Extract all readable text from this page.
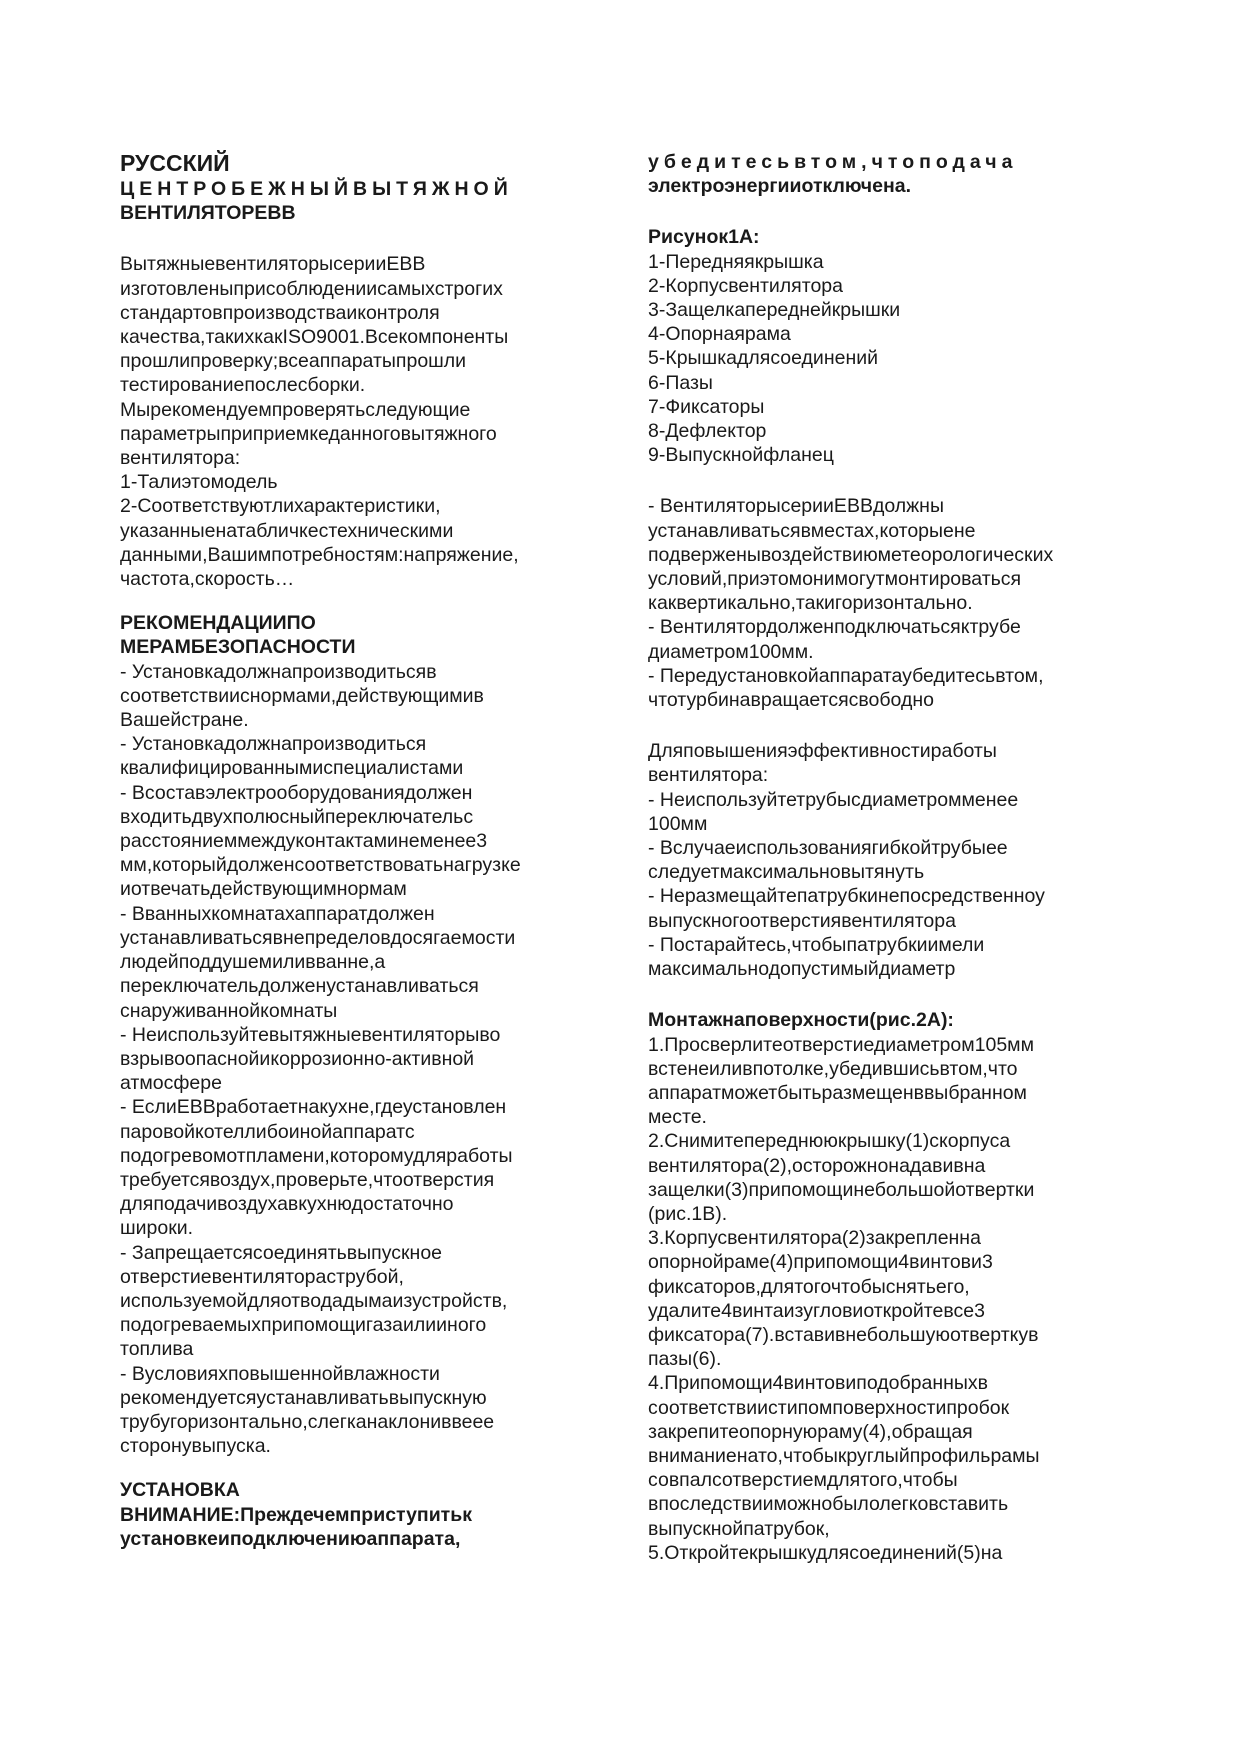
РУССКИЙ
ЦЕНТРОБЕЖНЫЙВЫТЯЖНОЙ
ВЕНТИЛЯТОРЕВВ
ВытяжныевентиляторысерииEBB
изготовленыприсоблюдениисамыхстрогих
стандартовпроизводстваиконтроля
качества,такихкакISO9001.Всекомпоненты
прошлипроверку;всеаппаратыпрошли
тестированиепослесборки.
Мырекомендуемпроверятьследующие
параметрыприприемкеданноговытяжного
вентилятора:
1-Талиэтомодель
2-Соответствуютлихарактеристики,
указанныенатабличкестехническими
данными,Вашимпотребностям:напряжение,
частота,скорость…
РЕКОМЕНДАЦИИПО
МЕРАМБЕЗОПАСНОСТИ
- Установкадолжнапроизводитьсяв
соответствииснормами,действующимив
Вашейстране.
- Установкадолжнапроизводиться
квалифицированнымиспециалистами
- Всоставэлектрооборудованиядолжен
входитьдвухполюсныйпереключательс
расстояниеммеждуконтактаминеменее3
мм,которыйдолженсоответствоватьнагрузке
иотвечатьдействующимнормам
- Вванныхкомнатахаппаратдолжен
устанавливатьсявнепределовдосягаемости
людейподдушемиливванне,а
переключательдолженустанавливаться
снаруживаннойкомнаты
- Неиспользуйтевытяжныевентиляторыво
взрывоопаснойикоррозионно-активной
атмосфере
- ЕслиEBBработаетнакухне,гдеустановлен
паровойкотеллибоинойаппаратс
подогревомотпламени,которомудляработы
требуетсявоздух,проверьте,чтоотверстия
дляподачивоздухавкухнюдостаточно
широки.
- Запрещаетсясоединятьвыпускное
отверстиевентилятораструбой,
используемойдляотводадымаизустройств,
подогреваемыхприпомощигазаилииного
топлива
- Вусловияхповышеннойвлажности
рекомендуетсяустанавливатьвыпускную
трубугоризонтально,слегканаклониввеее
сторонувыпуска.
УСТАНОВКА
ВНИМАНИЕ:Преждечемприступитьк
установкеиподключениюаппарата,
убедитесьвтом,чтоподача
электроэнергииотключена.
Рисунок1А:
1-Передняякрышка
2-Корпусвентилятора
3-Защелкапереднейкрышки
4-Опорнаярама
5-Крышкадлясоединений
6-Пазы
7-Фиксаторы
8-Дефлектор
9-Выпускнойфланец
- ВентиляторысерииEBBдолжны
устанавливатьсявместах,которыене
подверженывоздействиюметеорологических
условий,приэтомонимогутмонтироваться
каквертикально,такигоризонтально.
- Вентилятордолженподключатьсяктрубе
диаметром100мм.
- Передустановкойаппаратаубедитесьвтом,
чтотурбинавращаетсясвободно
Дляповышенияэффективностиработы
вентилятора:
- Неиспользуйтетрубысдиаметромменее
100мм
- Вслучаеиспользованиягибкойтрубыее
следуетмаксимальновытянуть
- Неразмещайтепатрубкинепосредственноу
выпускногоотверстиявентилятора
- Постарайтесь,чтобыпатрубкиимели
максимальнодопустимыйдиаметр
Монтажнаповерхности(рис.2А):
1.Просверлитеотверстиедиаметром105мм
встенеиливпотолке,убедившисьвтом,что
аппаратможетбытьразмещенввыбранном
месте.
2.Снимитепереднююкрышку(1)скорпуса
вентилятора(2),осторожнонадавивна
защелки(3)припомощинебольшойотвертки
(рис.1В).
3.Корпусвентилятора(2)закрепленна
опорнойраме(4)припомощи4винтови3
фиксаторов,длятогочтобыснятьего,
удалите4винтаизугловиоткройтевсе3
фиксатора(7).вставивнебольшуюотверткув
пазы(6).
4.Припомощи4винтовиподобранныхв
соответствиистипомповерхностипробок
закрепитеопорнуюраму(4),обращая
вниманиенато,чтобыкруглыйпрофильрамы
совпалсотверстиемдлятого,чтобы
впоследствииможнобылолегковставить
выпускнойпатрубок,
5.Откройтекрышкудлясоединений(5)на
